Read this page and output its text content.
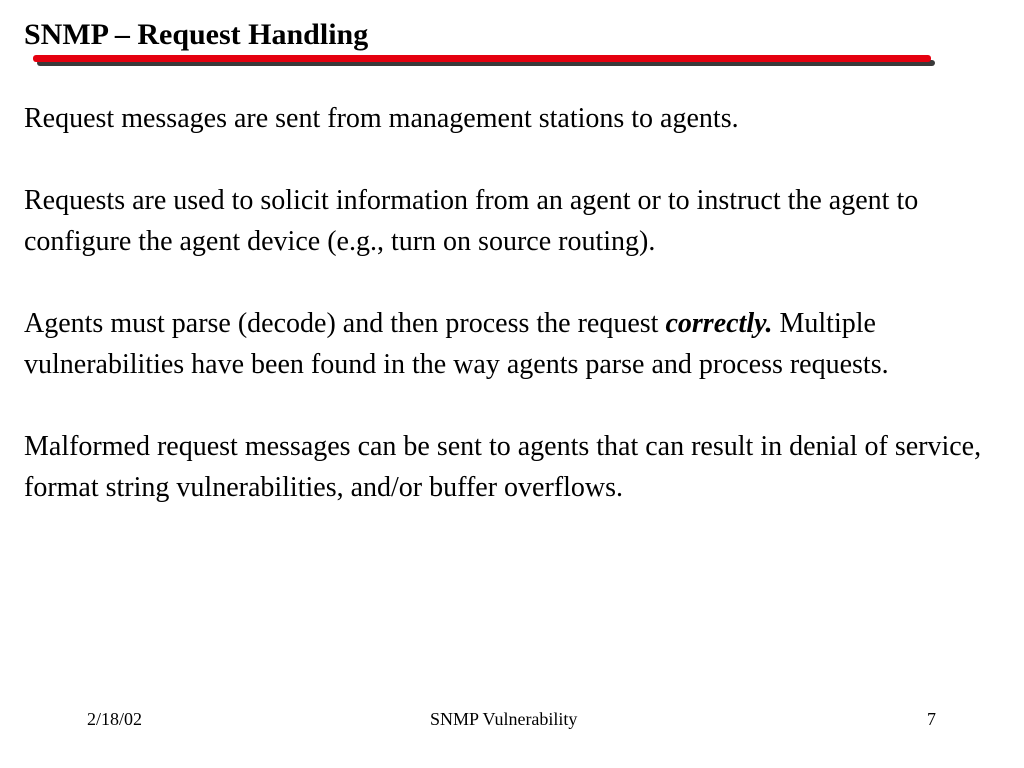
SNMP – Request Handling

Request messages are sent from management stations to agents.

Requests are used to solicit information from an agent or to instruct the agent to configure the agent device (e.g., turn on source routing).

Agents must parse (decode) and then process the request correctly. Multiple vulnerabilities have been found in the way agents parse and process requests.

Malformed request messages can be sent to agents that can result in denial of service, format string vulnerabilities, and/or buffer overflows.

2/18/02	SNMP Vulnerability	7
